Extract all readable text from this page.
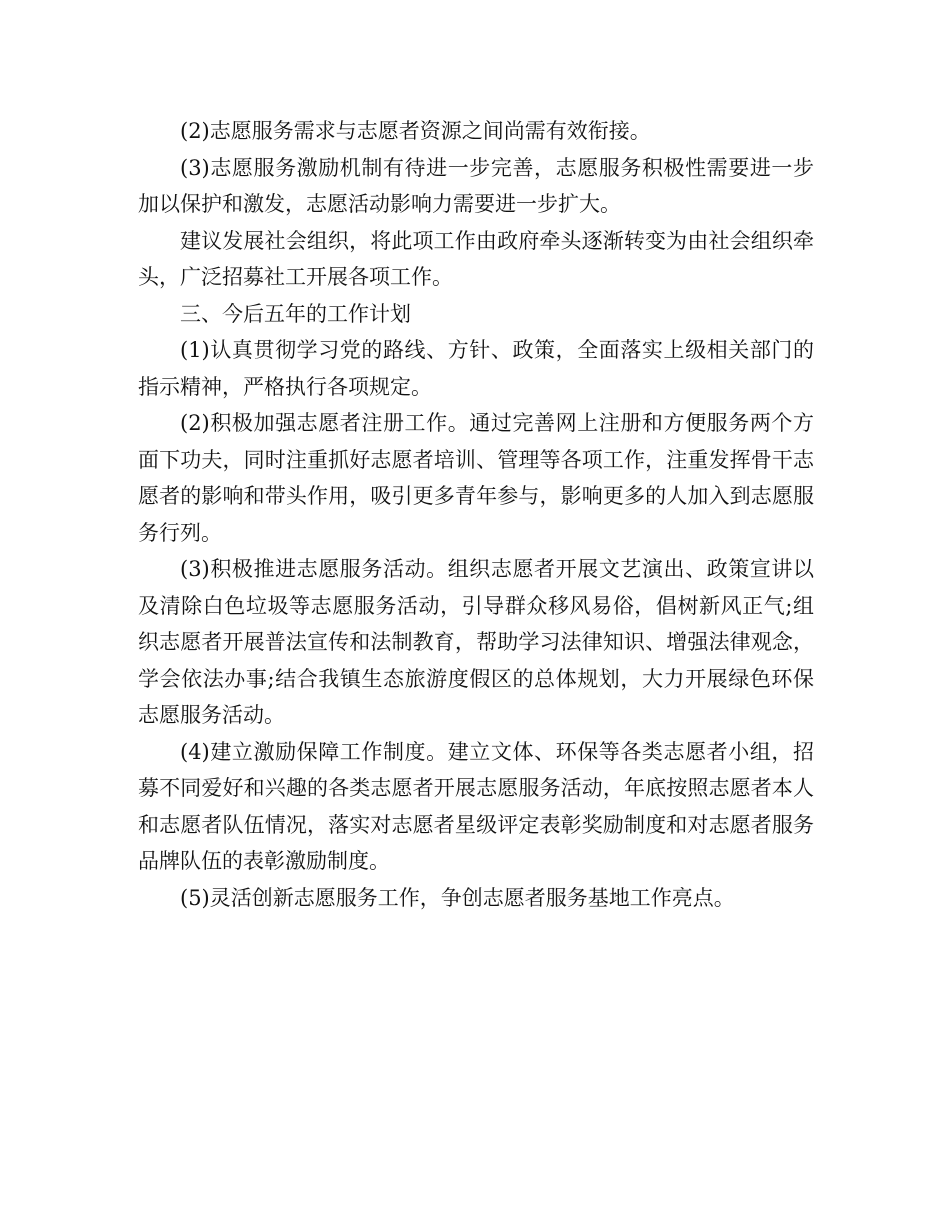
(2)志愿服务需求与志愿者资源之间尚需有效衔接。

(3)志愿服务激励机制有待进一步完善，志愿服务积极性需要进一步加以保护和激发，志愿活动影响力需要进一步扩大。

建议发展社会组织，将此项工作由政府牵头逐渐转变为由社会组织牵头，广泛招募社工开展各项工作。

三、今后五年的工作计划

(1)认真贯彻学习党的路线、方针、政策，全面落实上级相关部门的指示精神，严格执行各项规定。

(2)积极加强志愿者注册工作。通过完善网上注册和方便服务两个方面下功夫，同时注重抓好志愿者培训、管理等各项工作，注重发挥骨干志愿者的影响和带头作用，吸引更多青年参与，影响更多的人加入到志愿服务行列。

(3)积极推进志愿服务活动。组织志愿者开展文艺演出、政策宣讲以及清除白色垃圾等志愿服务活动，引导群众移风易俗，倡树新风正气;组织志愿者开展普法宣传和法制教育，帮助学习法律知识、增强法律观念，学会依法办事;结合我镇生态旅游度假区的总体规划，大力开展绿色环保志愿服务活动。

(4)建立激励保障工作制度。建立文体、环保等各类志愿者小组，招募不同爱好和兴趣的各类志愿者开展志愿服务活动，年底按照志愿者本人和志愿者队伍情况，落实对志愿者星级评定表彰奖励制度和对志愿者服务品牌队伍的表彰激励制度。

(5)灵活创新志愿服务工作，争创志愿者服务基地工作亮点。
